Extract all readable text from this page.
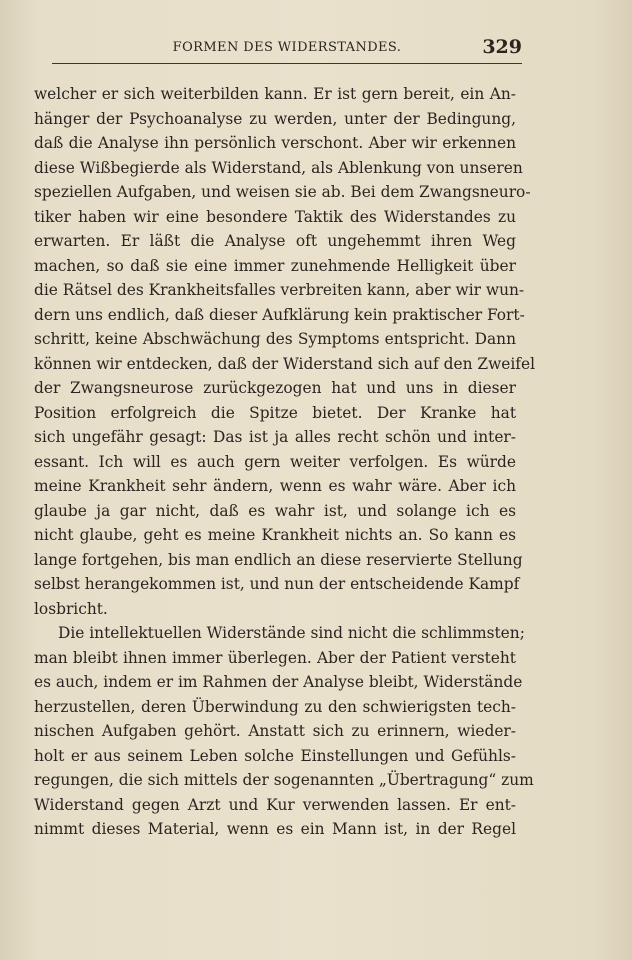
FORMEN DES WIDERSTANDES.	329
welcher er sich weiterbilden kann. Er ist gern bereit, ein An-
hänger der Psychoanalyse zu werden, unter der Bedingung,
daß die Analyse ihn persönlich verschont. Aber wir erkennen
diese Wißbegierde als Widerstand, als Ablenkung von unseren
speziellen Aufgaben, und weisen sie ab. Bei dem Zwangsneuro-
tiker haben wir eine besondere Taktik des Widerstandes zu
erwarten. Er läßt die Analyse oft ungehemmt ihren Weg
machen, so daß sie eine immer zunehmende Helligkeit über
die Rätsel des Krankheitsfalles verbreiten kann, aber wir wun-
dern uns endlich, daß dieser Aufklärung kein praktischer Fort-
schritt, keine Abschwächung des Symptoms entspricht. Dann
können wir entdecken, daß der Widerstand sich auf den Zweifel
der Zwangsneurose zurückgezogen hat und uns in dieser
Position erfolgreich die Spitze bietet. Der Kranke hat
sich ungefähr gesagt: Das ist ja alles recht schön und inter-
essant. Ich will es auch gern weiter verfolgen. Es würde
meine Krankheit sehr ändern, wenn es wahr wäre. Aber ich
glaube ja gar nicht, daß es wahr ist, und solange ich es
nicht glaube, geht es meine Krankheit nichts an. So kann es
lange fortgehen, bis man endlich an diese reservierte Stellung
selbst herangekommen ist, und nun der entscheidende Kampf
losbricht.
Die intellektuellen Widerstände sind nicht die schlimmsten;
man bleibt ihnen immer überlegen. Aber der Patient versteht
es auch, indem er im Rahmen der Analyse bleibt, Widerstände
herzustellen, deren Überwindung zu den schwierigsten tech-
nischen Aufgaben gehört. Anstatt sich zu erinnern, wieder-
holt er aus seinem Leben solche Einstellungen und Gefühls-
regungen, die sich mittels der sogenannten „Übertragung“ zum
Widerstand gegen Arzt und Kur verwenden lassen. Er ent-
nimmt dieses Material, wenn es ein Mann ist, in der Regel
